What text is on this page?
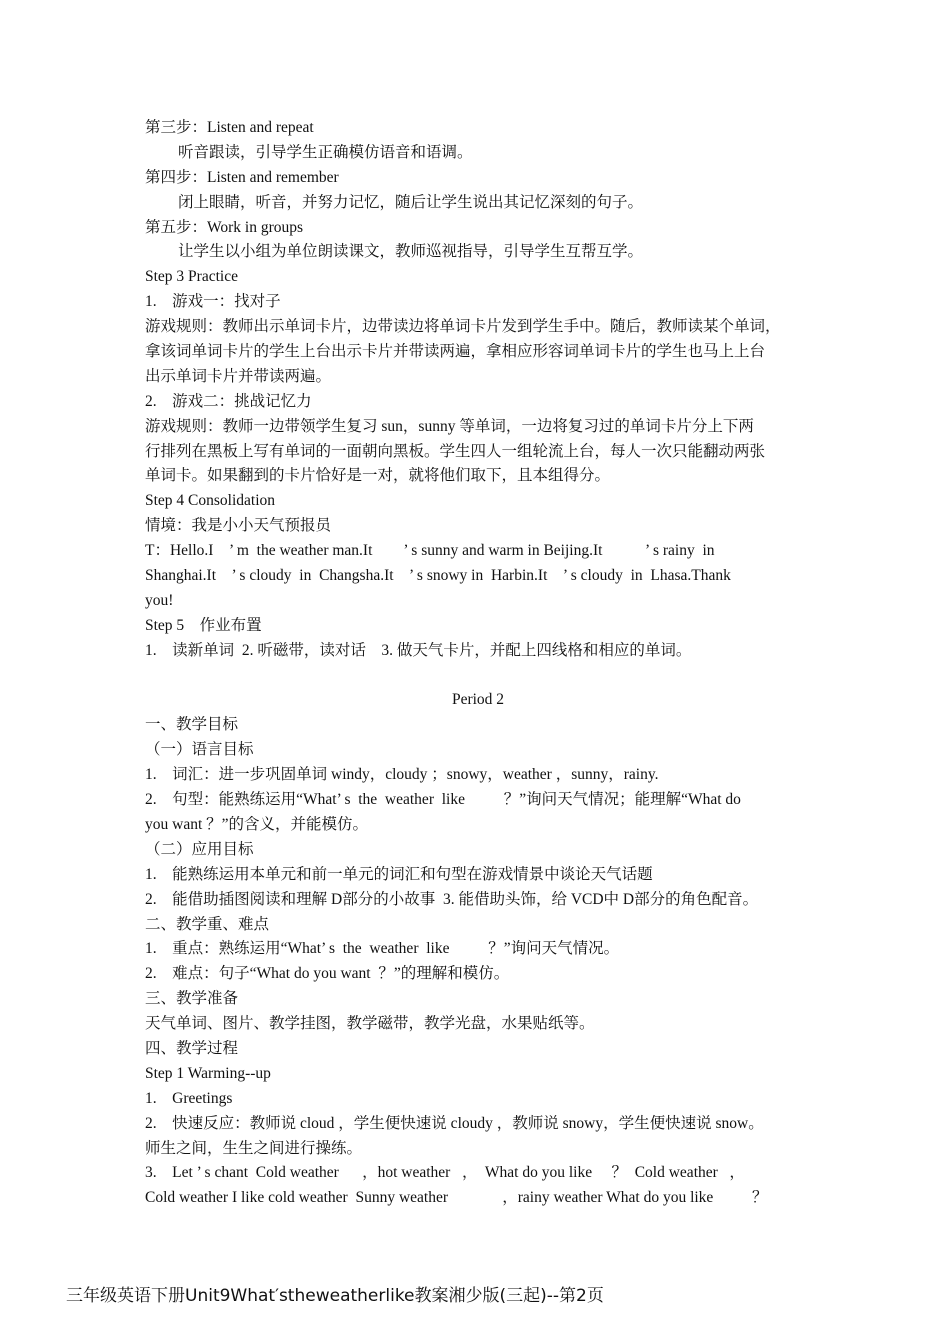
第三步：Listen and repeat
听音跟读，引导学生正确模仿语音和语调。
第四步：Listen and remember
闭上眼睛，听音，并努力记忆，随后让学生说出其记忆深刻的句子。
第五步：Work in groups
让学生以小组为单位朗读课文，教师巡视指导，引导学生互帮互学。
Step 3 Practice
1.    游戏一：找对子
游戏规则：教师出示单词卡片，边带读边将单词卡片发到学生手中。随后，教师读某个单词，
拿该词单词卡片的学生上台出示卡片并带读两遍，拿相应形容词单词卡片的学生也马上上台
出示单词卡片并带读两遍。
2.    游戏二：挑战记忆力
游戏规则：教师一边带领学生复习 sun，sunny 等单词，一边将复习过的单词卡片分上下两
行排列在黑板上写有单词的一面朝向黑板。学生四人一组轮流上台，每人一次只能翻动两张
单词卡。如果翻到的卡片恰好是一对，就将他们取下，且本组得分。
Step 4 Consolidation
情境：我是小小天气预报员
T：Hello.I    ’ m  the weather man.It        ’ s sunny and warm in Beijing.It           ’ s rainy  in
Shanghai.It    ’ s cloudy  in  Changsha.It    ’ s snowy in  Harbin.It    ’ s cloudy  in  Lhasa.Thank
you!
Step 5    作业布置
1.    读新单词  2. 听磁带，读对话    3. 做天气卡片，并配上四线格和相应的单词。
Period 2
一、教学目标
（一）语言目标
1.    词汇：进一步巩固单词 windy，cloudy ；snowy，weather ，sunny，rainy.
2.    句型：能熟练运用“What’ s  the  weather  like          ？”询问天气情况；能理解“What do
you want ？”的含义，并能模仿。
（二）应用目标
1.    能熟练运用本单元和前一单元的词汇和句型在游戏情景中谈论天气话题
2.    能借助插图阅读和理解 D部分的小故事  3. 能借助头饰，给 VCD中 D部分的角色配音。
二、教学重、难点
1.    重点：熟练运用“What’ s  the  weather  like          ？”询问天气情况。
2.    难点：句子“What do you want  ？”的理解和模仿。
三、教学准备
天气单词、图片、教学挂图，教学磁带，教学光盘，水果贴纸等。
四、教学过程
Step 1 Warming--up
1.    Greetings
2.    快速反应：教师说 cloud ，学生便快速说 cloudy ，教师说 snowy，学生便快速说 snow。
师生之间，生生之间进行操练。
3.    Let ’ s chant  Cold weather      ，hot weather   ，  What do you like     ？  Cold weather   ，
Cold weather I like cold weather  Sunny weather              ，rainy weather What do you like          ？
三年级英语下册Unit9What′stheweatherlike教案湘少版(三起)--第2页
